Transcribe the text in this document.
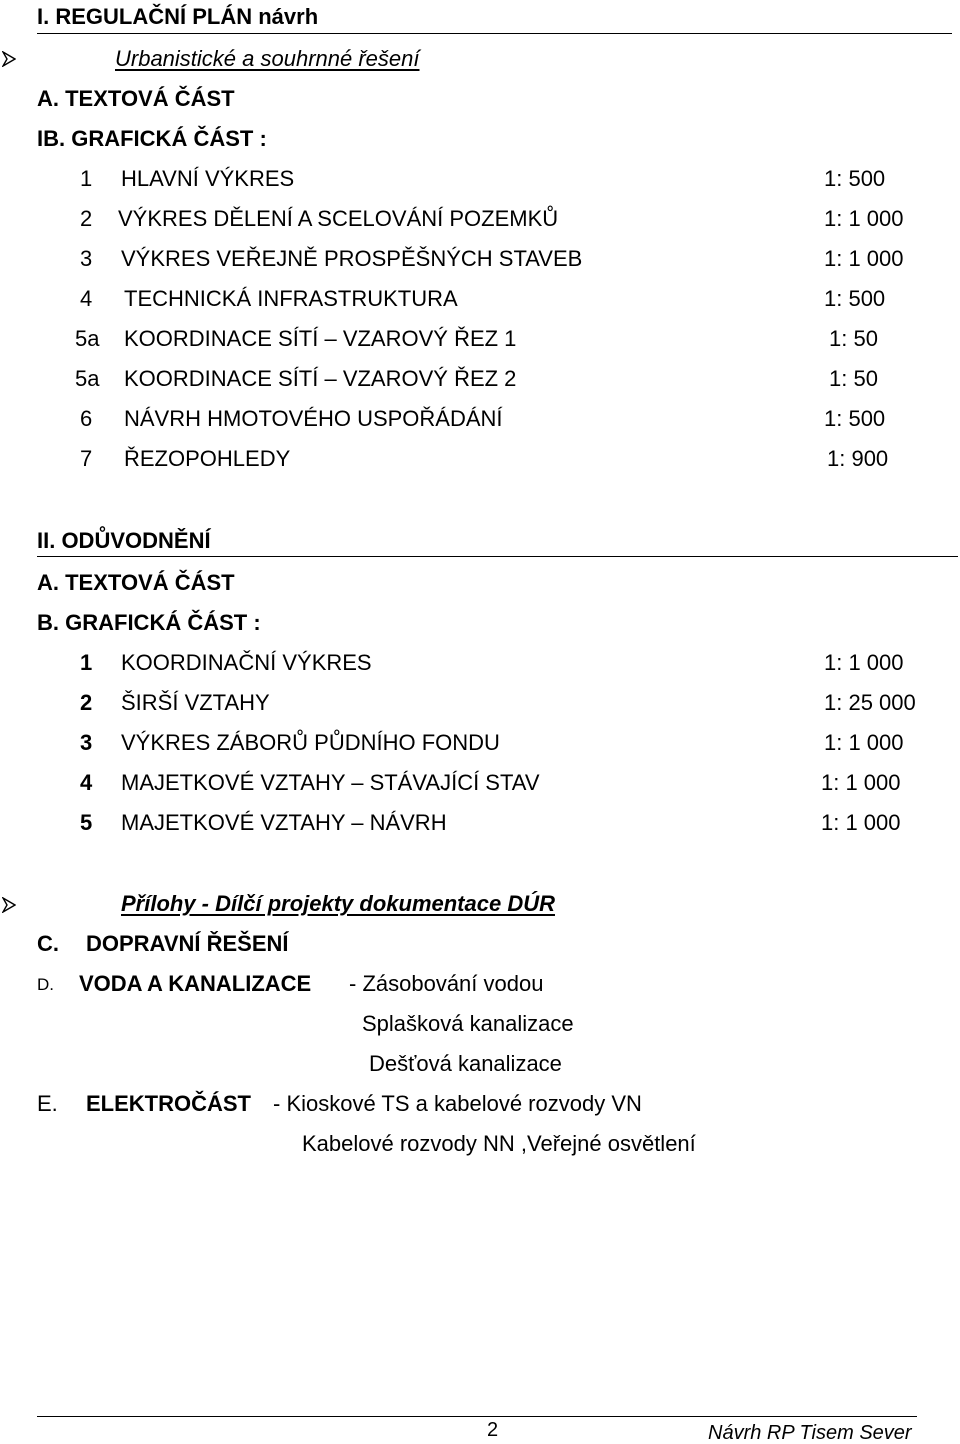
I. REGULAČNÍ PLÁN návrh
Urbanistické a souhrnné řešení
A. TEXTOVÁ ČÁST
IB. GRAFICKÁ ČÁST :
1 HLAVNÍ VÝKRES	1: 500
2 VÝKRES DĚLENÍ A SCELOVÁNÍ POZEMKŮ	1: 1 000
3 VÝKRES VEŘEJNĚ PROSPĚŠNÝCH STAVEB	1: 1 000
4 TECHNICKÁ INFRASTRUKTURA	1: 500
5a KOORDINACE SÍTÍ – VZAROVÝ ŘEZ 1	1: 50
5a KOORDINACE SÍTÍ – VZAROVÝ ŘEZ 2	1: 50
6 NÁVRH HMOTOVÉHO USPOŘÁDÁNÍ	1: 500
7 ŘEZOPOHLEDY	1: 900
II. ODŮVODNĚNÍ
A. TEXTOVÁ ČÁST
B. GRAFICKÁ ČÁST :
1 KOORDINAČNÍ VÝKRES	1: 1 000
2 ŠIRŠÍ VZTAHY	1: 25 000
3 VÝKRES ZÁBORŮ PŮDNÍHO FONDU	1: 1 000
4 MAJETKOVÉ VZTAHY – STÁVAJÍCÍ STAV	1: 1 000
5 MAJETKOVÉ VZTAHY – NÁVRH	1: 1 000
Přílohy - Dílčí projekty dokumentace DÚR
C. DOPRAVNÍ ŘEŠENÍ
D. VODA A KANALIZACE - Zásobování vodou
Splašková kanalizace
Dešťová kanalizace
E. ELEKTROČÁST - Kioskové TS a kabelové rozvody VN
Kabelové rozvody NN ,Veřejné osvětlení
2	Návrh RP Tisem Sever
